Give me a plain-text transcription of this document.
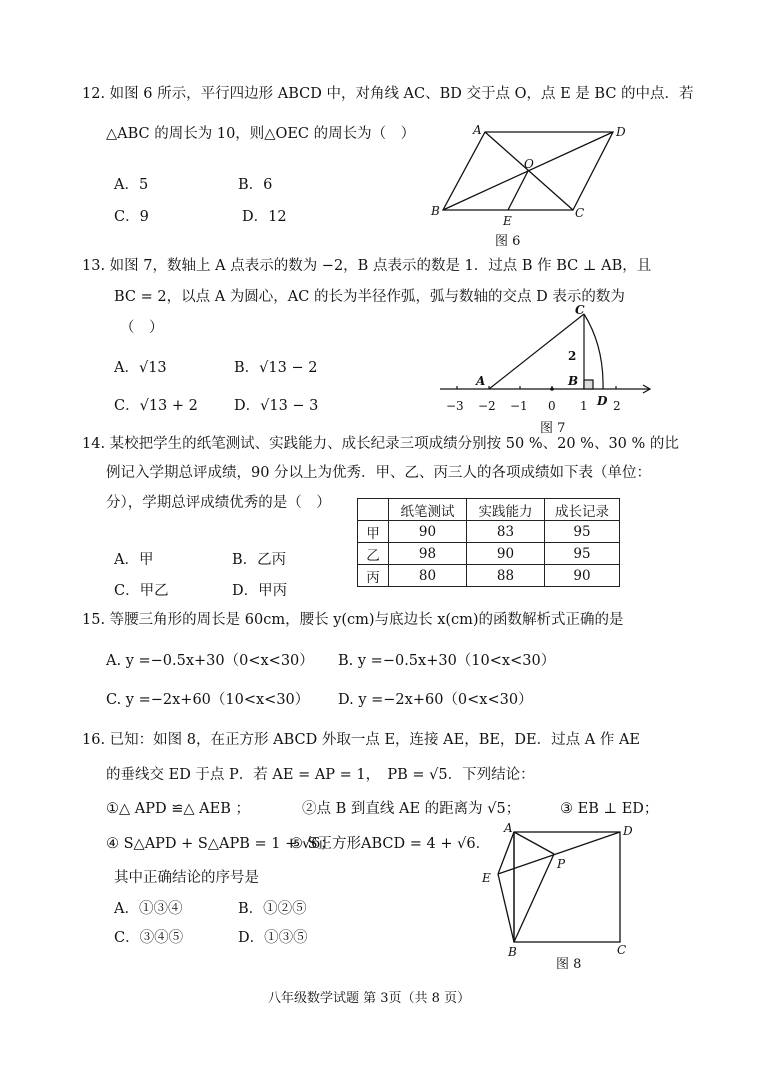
12. 如图 6 所示，平行四边形 ABCD 中，对角线 AC、BD 交于点 O，点 E 是 BC 的中点．若
△ABC 的周长为 10，则△OEC 的周长为（　）
A．5	B．6
C．9	D．12
A	D
O
B	C
E
图 6
13. 如图 7，数轴上 A 点表示的数为 −2，B 点表示的数是 1．过点 B 作 BC ⊥ AB，且
BC = 2，以点 A 为圆心，AC 的长为半径作弧，弧与数轴的交点 D 表示的数为
（　）
A．√13	B．√13 − 2
C．√13 + 2 D．√13 − 3
A
C
2
B
D
−3 −2 −1 0 1 2
图 7
14. 某校把学生的纸笔测试、实践能力、成长纪录三项成绩分别按 50 %、20 %、30 % 的比
例记入学期总评成绩，90 分以上为优秀．甲、乙、丙三人的各项成绩如下表（单位：
分），学期总评成绩优秀的是（　）
A．甲	B．乙丙
C．甲乙	D．甲丙
	纸笔测试	实践能力	成长记录
甲	90	83	95
乙	98	90	95
丙	80	88	90
15. 等腰三角形的周长是 60cm，腰长 y(cm)与底边长 x(cm)的函数解析式正确的是
A. y =−0.5x+30（0<x<30） B. y =−0.5x+30（10<x<30）
C. y =−2x+60（10<x<30） D. y =−2x+60（0<x<30）
16. 已知：如图 8，在正方形 ABCD 外取一点 E，连接 AE，BE，DE．过点 A 作 AE
的垂线交 ED 于点 P．若 AE = AP = 1，　PB = √5．下列结论：
①△ APD ≌△ AEB ；	②点 B 到直线 AE 的距离为 √5；	③ EB ⊥ ED；
④ S△APD + S△APB = 1 + √6；
⑤ S正方形ABCD = 4 + √6．
其中正确结论的序号是
A．①③④	B．①②⑤
C．③④⑤	D．①③⑤
A	D
E
P
B	C
图 8
八年级数学试题 第 3页（共 8 页）
